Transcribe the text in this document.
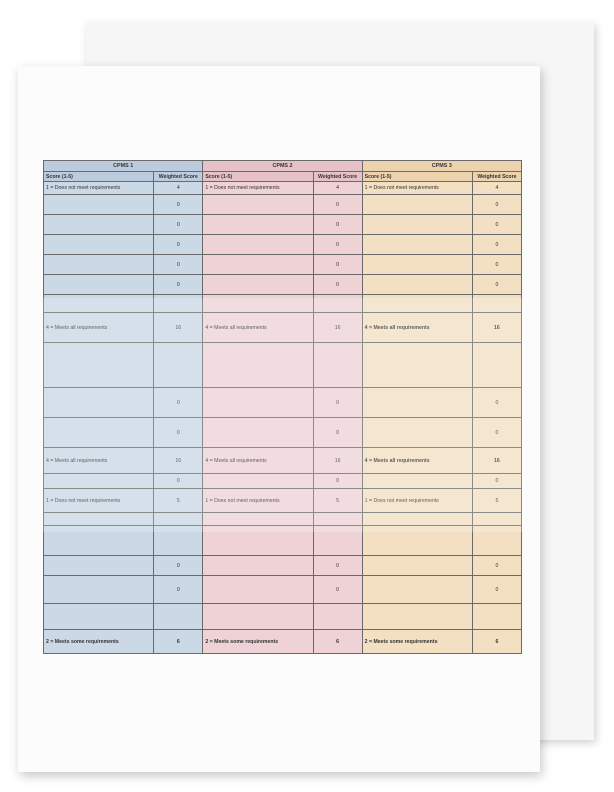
CPMS 1		CPMS 2		CPMS 3	
Score (1-5)	Weighted Score	Score (1-5)	Weighted Score	Score (1-5)	Weighted Score
1 = Does not meet requirements	4	1 = Does not meet requirements	4	1 = Does not meet requirements	4
	0		0		0
	0		0		0
	0		0		0
	0		0		0
	0		0		0

4 = Meets all requirements	16	4 = Meets all requirements	16	4 = Meets all requirements	16

	0		0		0
	0		0		0
4 = Meets all requirements	16	4 = Meets all requirements	16	4 = Meets all requirements	16
	0		0		0
1 = Does not meet requirements	5	1 = Does not meet requirements	5	1 = Does not meet requirements	5

	0		0		0
	0		0		0

2 = Meets some requirements	6	2 = Meets some requirements	6	2 = Meets some requirements	6
